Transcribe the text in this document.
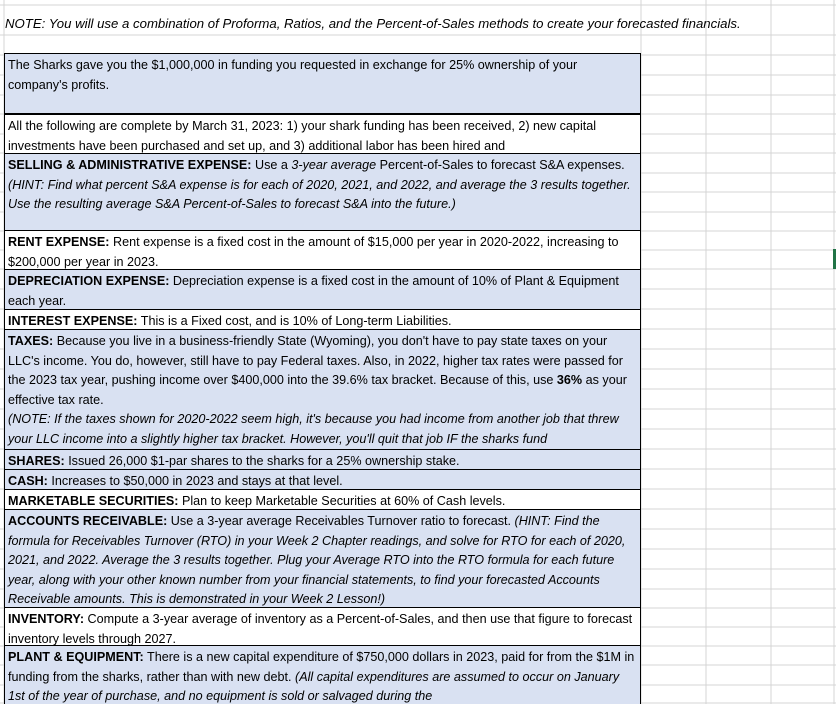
NOTE: You will use a combination of Proforma, Ratios, and the Percent-of-Sales methods to create your forecasted financials.
The Sharks gave you the $1,000,000 in funding you requested in exchange for 25% ownership of your company's profits.
All the following are complete by March 31, 2023: 1) your shark funding has been received, 2) new capital investments have been purchased and set up, and 3) additional labor has been hired and
SELLING & ADMINISTRATIVE EXPENSE: Use a 3-year average Percent-of-Sales to forecast S&A expenses. (HINT: Find what percent S&A expense is for each of 2020, 2021, and 2022, and average the 3 results together. Use the resulting average S&A Percent-of-Sales to forecast S&A into the future.)
RENT EXPENSE: Rent expense is a fixed cost in the amount of $15,000 per year in 2020-2022, increasing to $200,000 per year in 2023.
DEPRECIATION EXPENSE: Depreciation expense is a fixed cost in the amount of 10% of Plant & Equipment each year.
INTEREST EXPENSE: This is a Fixed cost, and is 10% of Long-term Liabilities.
TAXES: Because you live in a business-friendly State (Wyoming), you don't have to pay state taxes on your LLC's income. You do, however, still have to pay Federal taxes. Also, in 2022, higher tax rates were passed for the 2023 tax year, pushing income over $400,000 into the 39.6% tax bracket. Because of this, use 36% as your effective tax rate.
(NOTE: If the taxes shown for 2020-2022 seem high, it's because you had income from another job that threw your LLC income into a slightly higher tax bracket. However, you'll quit that job IF the sharks fund
SHARES: Issued 26,000 $1-par shares to the sharks for a 25% ownership stake.
CASH: Increases to $50,000 in 2023 and stays at that level.
MARKETABLE SECURITIES: Plan to keep Marketable Securities at 60% of Cash levels.
ACCOUNTS RECEIVABLE: Use a 3-year average Receivables Turnover ratio to forecast. (HINT: Find the formula for Receivables Turnover (RTO) in your Week 2 Chapter readings, and solve for RTO for each of 2020, 2021, and 2022. Average the 3 results together. Plug your Average RTO into the RTO formula for each future year, along with your other known number from your financial statements, to find your forecasted Accounts Receivable amounts. This is demonstrated in your Week 2 Lesson!)
INVENTORY: Compute a 3-year average of inventory as a Percent-of-Sales, and then use that figure to forecast inventory levels through 2027.
PLANT & EQUIPMENT: There is a new capital expenditure of $750,000 dollars in 2023, paid for from the $1M in funding from the sharks, rather than with new debt. (All capital expenditures are assumed to occur on January 1st of the year of purchase, and no equipment is sold or salvaged during the
